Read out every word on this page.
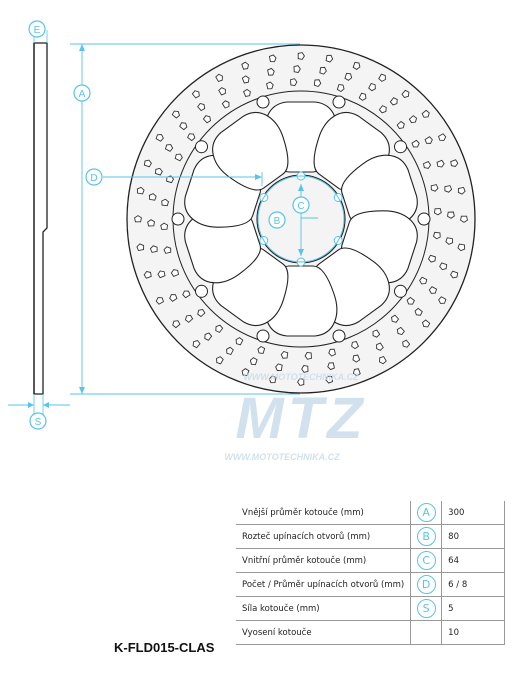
E
S
A
D
B
C
WWW.MOTOTECHNIKA.CZ
MTZ
WWW.MOTOTECHNIKA.CZ
Vnější průměr kotouče (mm)	A	300
Rozteč upínacích otvorů (mm)	B	80
Vnitřní průměr kotouče (mm)	C	64
Počet / Průměr upínacích otvorů (mm)	D	6 / 8
Síla kotouče (mm)	S	5
Vyosení kotouče		10

K-FLD015-CLAS
